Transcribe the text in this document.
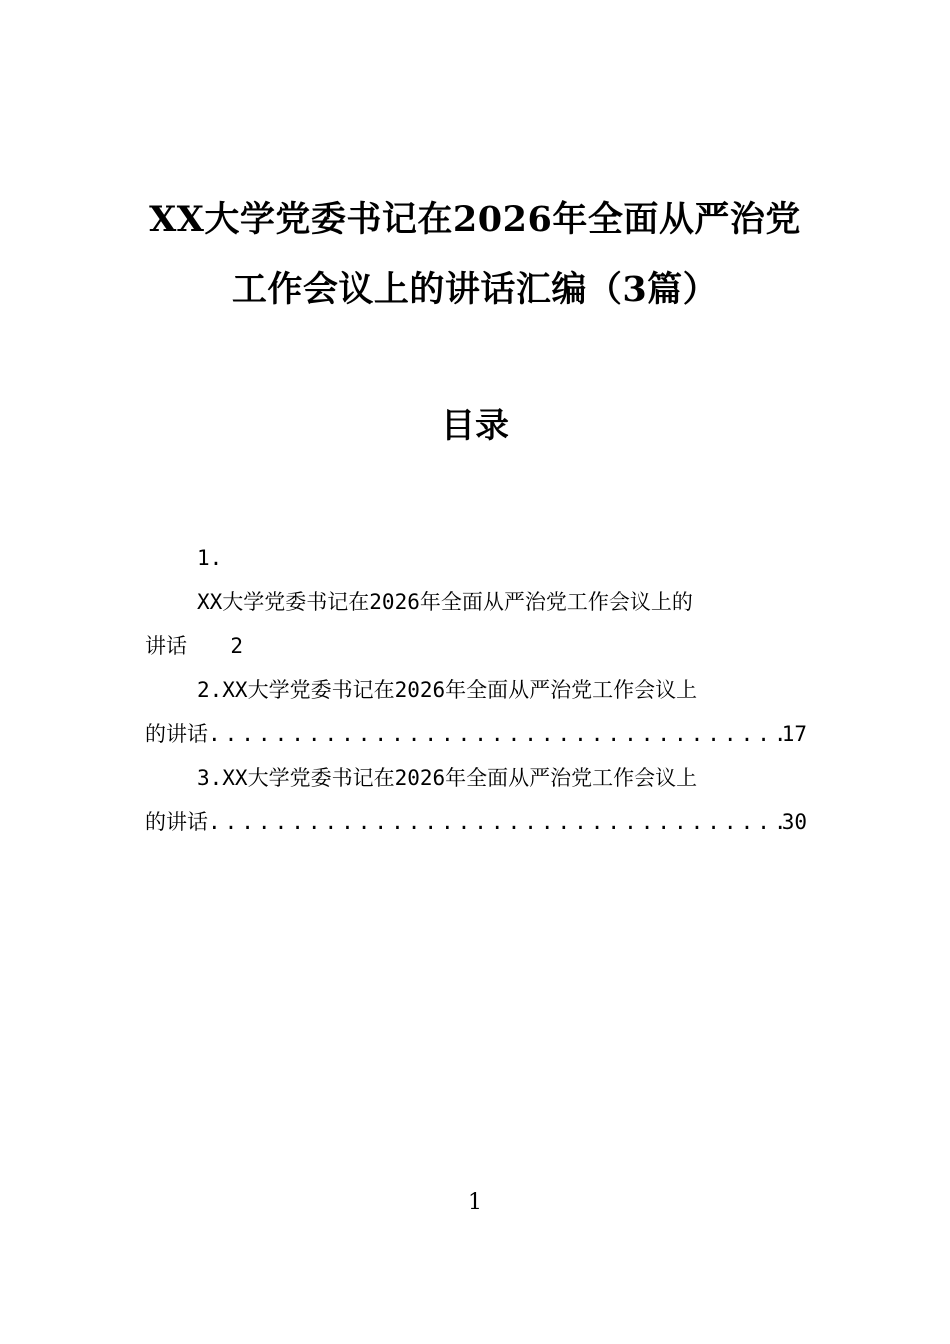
XX大学党委书记在2026年全面从严治党
工作会议上的讲话汇编（3篇）
目录
1.
XX大学党委书记在2026年全面从严治党工作会议上的
讲话 2
2.XX大学党委书记在2026年全面从严治党工作会议上
的讲话 .....	17
3.XX大学党委书记在2026年全面从严治党工作会议上
的讲话 .....	30
1
